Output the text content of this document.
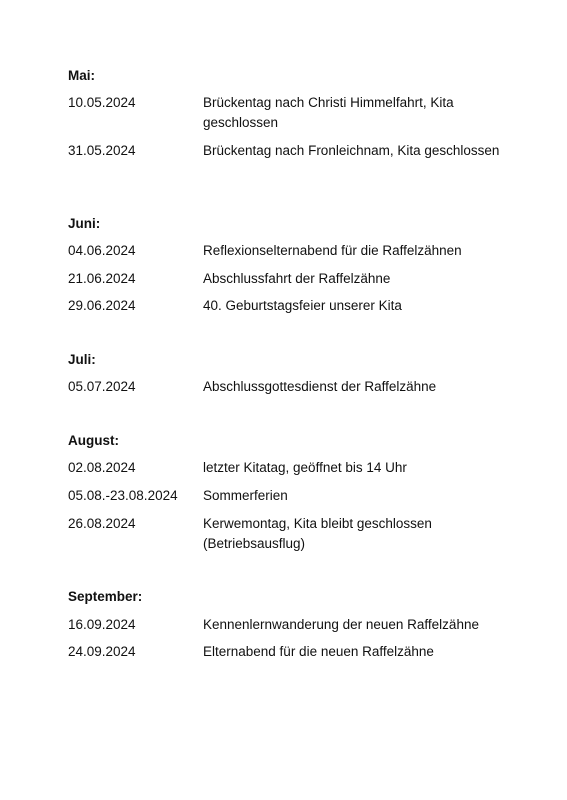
Mai:
10.05.2024	Brückentag nach Christi Himmelfahrt, Kita geschlossen
31.05.2024	Brückentag nach Fronleichnam, Kita geschlossen
Juni:
04.06.2024	Reflexionselternabend für die Raffelzähnen
21.06.2024	Abschlussfahrt der Raffelzähne
29.06.2024	40. Geburtstagsfeier unserer Kita
Juli:
05.07.2024	Abschlussgottesdienst der Raffelzähne
August:
02.08.2024	letzter Kitatag, geöffnet bis 14 Uhr
05.08.-23.08.2024 Sommerferien
26.08.2024	Kerwemontag, Kita bleibt geschlossen (Betriebsausflug)
September:
16.09.2024	Kennenlernwanderung der neuen Raffelzähne
24.09.2024	Elternabend für die neuen Raffelzähne
